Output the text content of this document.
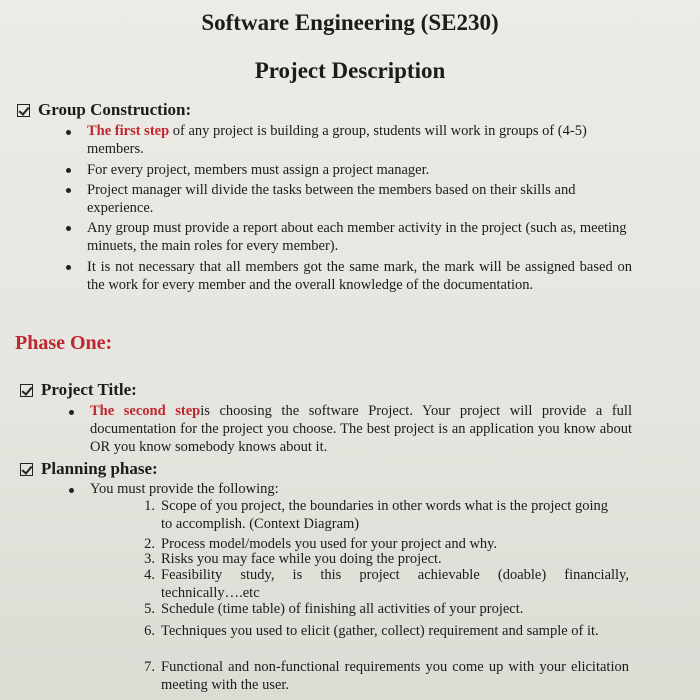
Software Engineering (SE230)
Project Description
Group Construction:
The first step of any project is building a group, students will work in groups of (4-5) members.
For every project, members must assign a project manager.
Project manager will divide the tasks between the members based on their skills and experience.
Any group must provide a report about each member activity in the project (such as, meeting minuets, the main roles for every member).
It is not necessary that all members got the same mark, the mark will be assigned based on the work for every member and the overall knowledge of the documentation.
Phase One:
Project Title:
The second stepis choosing the software Project. Your project will provide a full documentation for the project you choose. The best project is an application you know about OR you know somebody knows about it.
Planning phase:
You must provide the following:
1. Scope of you project, the boundaries in other words what is the project going to accomplish. (Context Diagram)
2. Process model/models you used for your project and why.
3. Risks you may face while you doing the project.
4. Feasibility study, is this project achievable (doable) financially, technically….etc
5. Schedule (time table) of finishing all activities of your project.
6. Techniques you used to elicit (gather, collect) requirement and sample of it.
7. Functional and non-functional requirements you come up with your elicitation meeting with the user.
